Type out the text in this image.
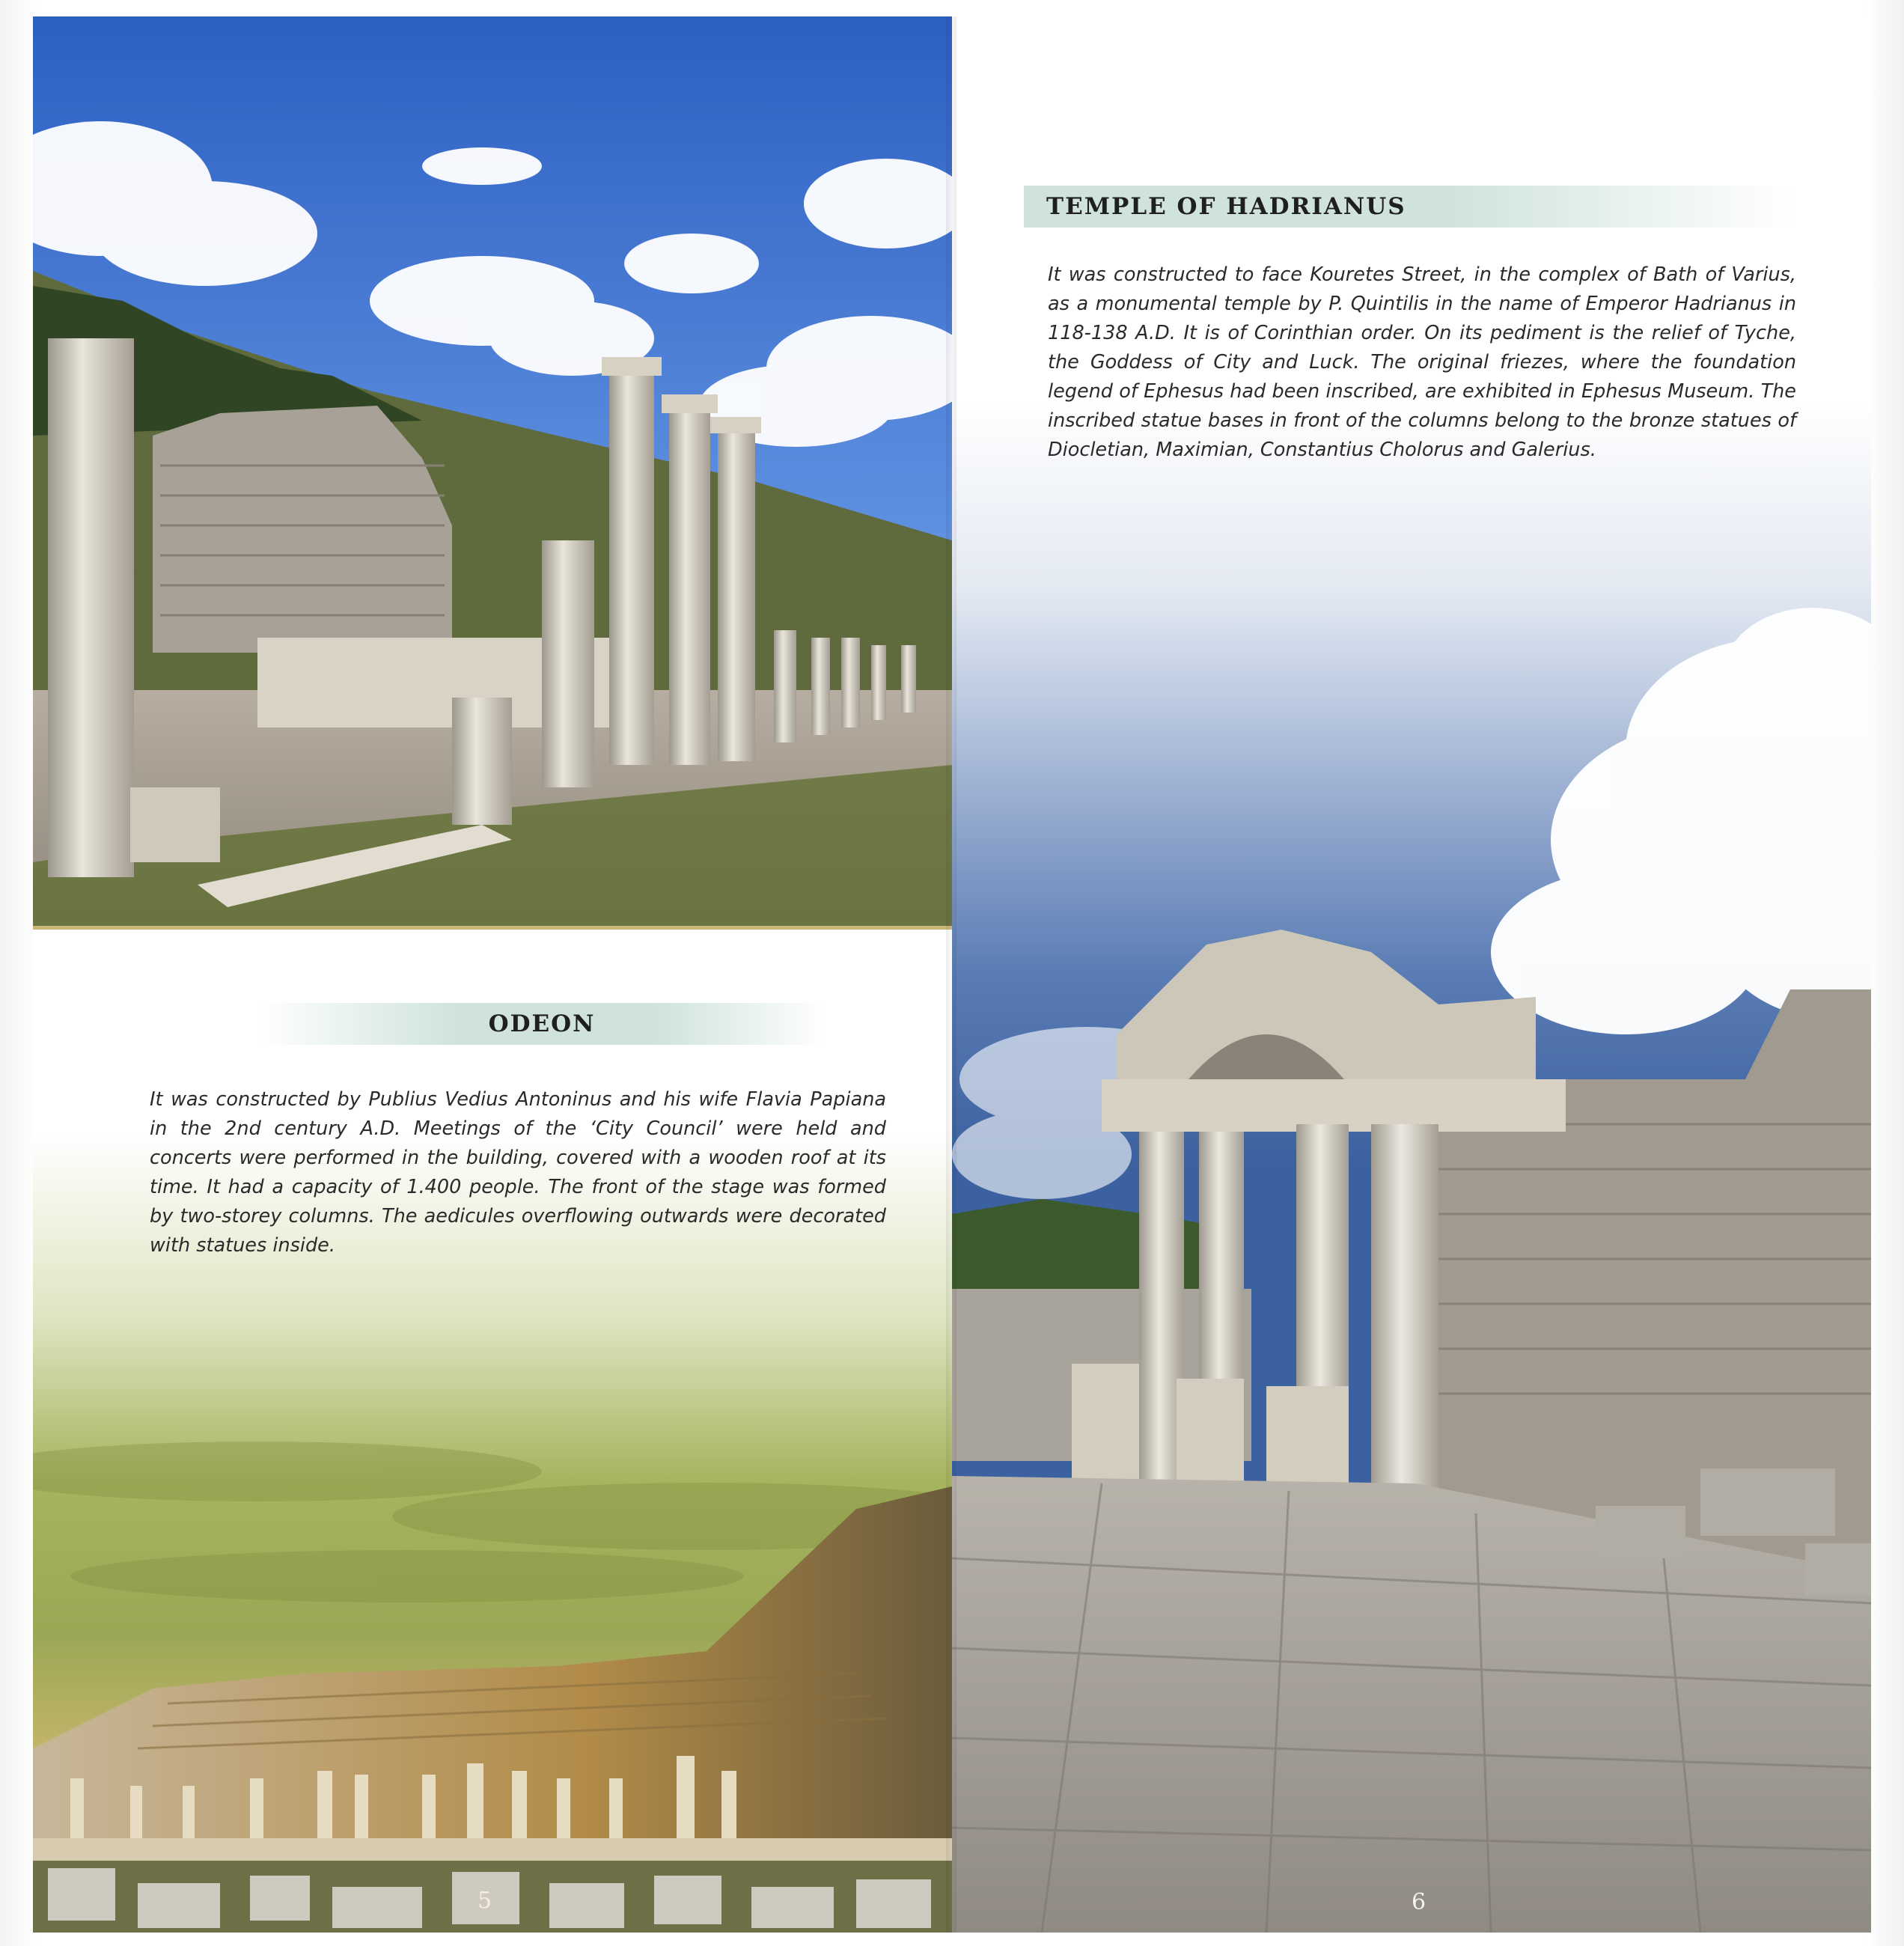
ODEON

It was constructed by Publius Vedius Antoninus and his wife Flavia Papiana in the 2nd century A.D. Meetings of the ‘City Council’ were held and concerts were performed in the building, covered with a wooden roof at its time. It had a capacity of 1.400 people. The front of the stage was formed by two-storey columns. The aedicules overflowing outwards were decorated with statues inside.

5
TEMPLE OF HADRIANUS

It was constructed to face Kouretes Street, in the complex of Bath of Varius, as a monumental temple by P. Quintilis in the name of Emperor Hadrianus in 118-138 A.D. It is of Corinthian order. On its pediment is the relief of Tyche, the Goddess of City and Luck. The original friezes, where the foundation legend of Ephesus had been inscribed, are exhibited in Ephesus Museum. The inscribed statue bases in front of the columns belong to the bronze statues of Diocletian, Maximian, Constantius Cholorus and Galerius.

6
